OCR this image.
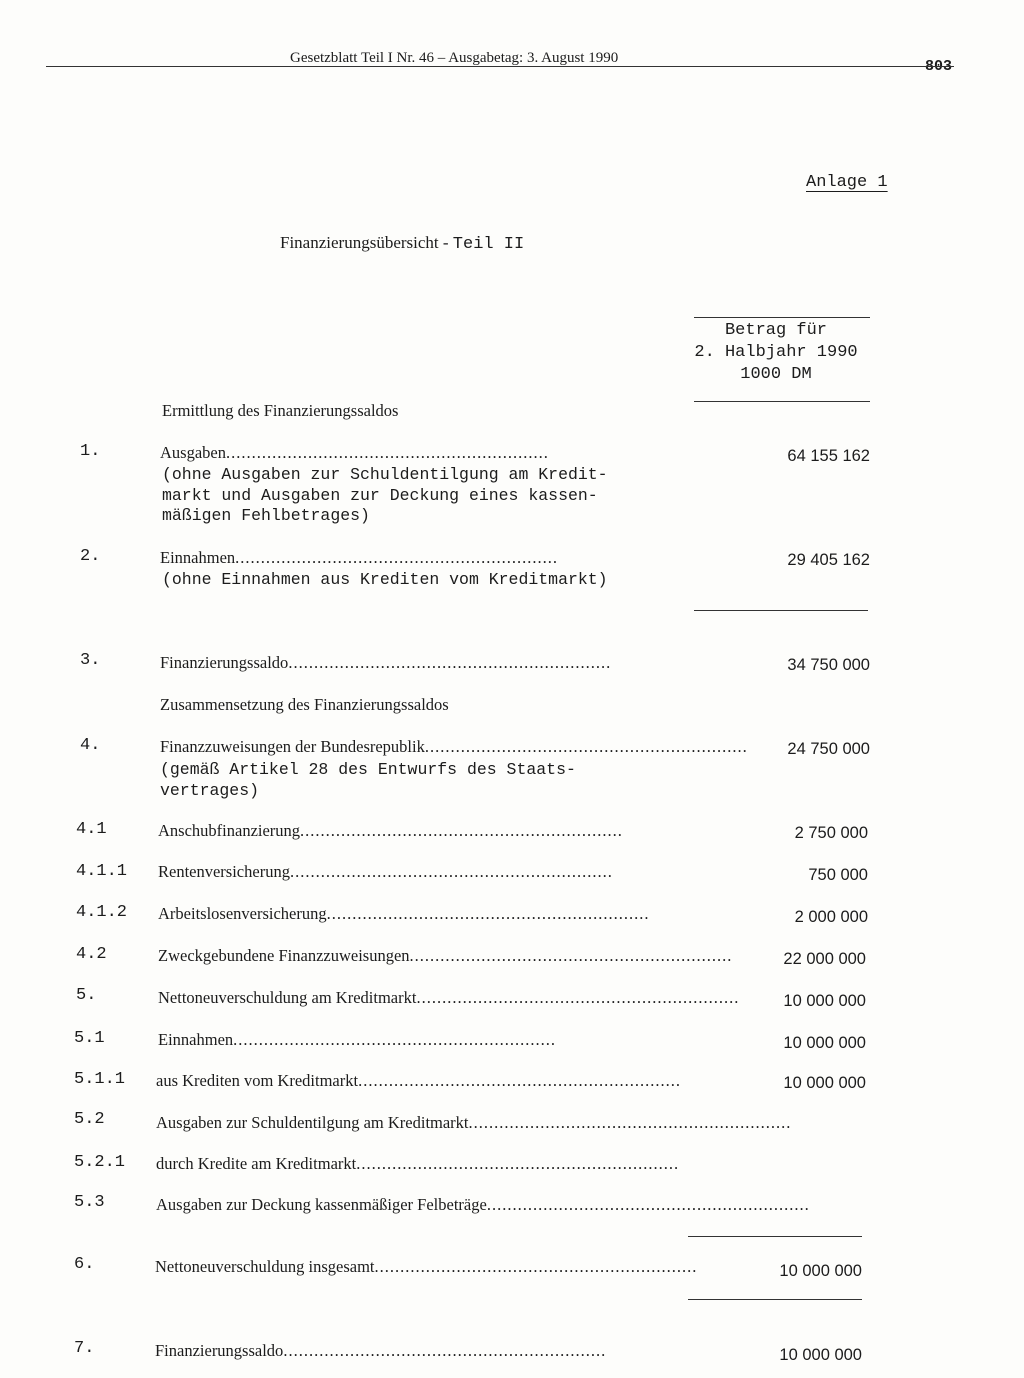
Gesetzblatt Teil I Nr. 46 – Ausgabetag: 3. August 1990	803
Anlage 1
Finanzierungsübersicht - Teil II
Betrag für
2. Halbjahr 1990
1000 DM
Ermittlung des Finanzierungssaldos
1.	Ausgaben...............................................................	64 155 162
(ohne Ausgaben zur Schuldentilgung am Kredit-
markt und Ausgaben zur Deckung eines kassen-
mäßigen Fehlbetrages)
2.	Einnahmen...............................................................	29 405 162
(ohne Einnahmen aus Krediten vom Kreditmarkt)
3.	Finanzierungssaldo...............................................................	34 750 000
Zusammensetzung des Finanzierungssaldos
4.	Finanzzuweisungen der Bundesrepublik...............................................................	24 750 000
(gemäß Artikel 28 des Entwurfs des Staats-
vertrages)
4.1	Anschubfinanzierung...............................................................	2 750 000
4.1.1 Rentenversicherung...............................................................	750 000
4.1.2 Arbeitslosenversicherung...............................................................	2 000 000
4.2	Zweckgebundene Finanzzuweisungen...............................................................	22 000 000
5.	Nettoneuverschuldung am Kreditmarkt...............................................................	10 000 000
5.1	Einnahmen...............................................................	10 000 000
5.1.1 aus Krediten vom Kreditmarkt...............................................................	10 000 000
5.2	Ausgaben zur Schuldentilgung am Kreditmarkt...............................................................
5.2.1 durch Kredite am Kreditmarkt...............................................................
5.3	Ausgaben zur Deckung kassenmäßiger Felbeträge...............................................................
6.	Nettoneuverschuldung insgesamt...............................................................	10 000 000
7.	Finanzierungssaldo...............................................................	10 000 000
